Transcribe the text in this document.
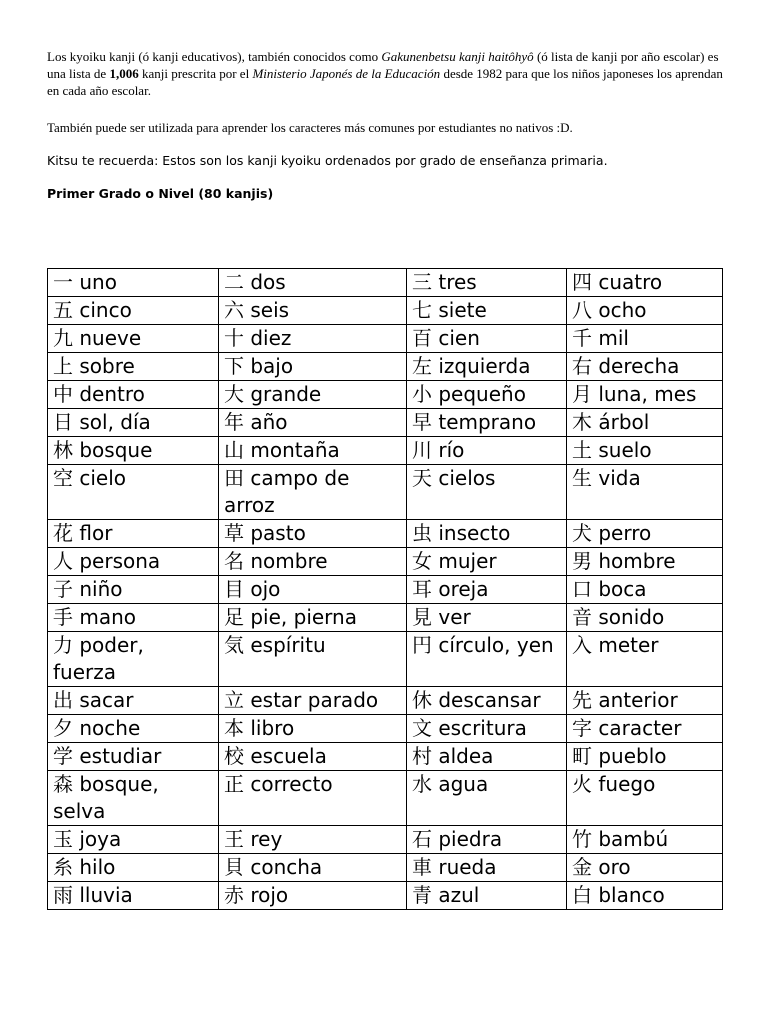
Los kyoiku kanji (ó kanji educativos), también conocidos como Gakunenbetsu kanji haitôhyô (ó lista de kanji por año escolar) es una lista de 1,006 kanji prescrita por el Ministerio Japonés de la Educación desde 1982 para que los niños japoneses los aprendan en cada año escolar.
También puede ser utilizada para aprender los caracteres más comunes por estudiantes no nativos :D.
Kitsu te recuerda: Estos son los kanji kyoiku ordenados por grado de enseñanza primaria.
Primer Grado o Nivel (80 kanjis)
一 uno	二 dos	三 tres	四 cuatro
五 cinco	六 seis	七 siete	八 ocho
九 nueve	十 diez	百 cien	千 mil
上 sobre	下 bajo	左 izquierda	右 derecha
中 dentro	大 grande	小 pequeño	月 luna, mes
日 sol, día	年 año	早 temprano	木 árbol
林 bosque	山 montaña	川 río	土 suelo
空 cielo	田 campo de arroz	天 cielos	生 vida
花 flor	草 pasto	虫 insecto	犬 perro
人 persona	名 nombre	女 mujer	男 hombre
子 niño	目 ojo	耳 oreja	口 boca
手 mano	足 pie, pierna	見 ver	音 sonido
力 poder, fuerza	気 espíritu	円 círculo, yen	入 meter
出 sacar	立 estar parado	休 descansar	先 anterior
夕 noche	本 libro	文 escritura	字 caracter
学 estudiar	校 escuela	村 aldea	町 pueblo
森 bosque, selva	正 correcto	水 agua	火 fuego
玉 joya	王 rey	石 piedra	竹 bambú
糸 hilo	貝 concha	車 rueda	金 oro
雨 lluvia	赤 rojo	青 azul	白 blanco
